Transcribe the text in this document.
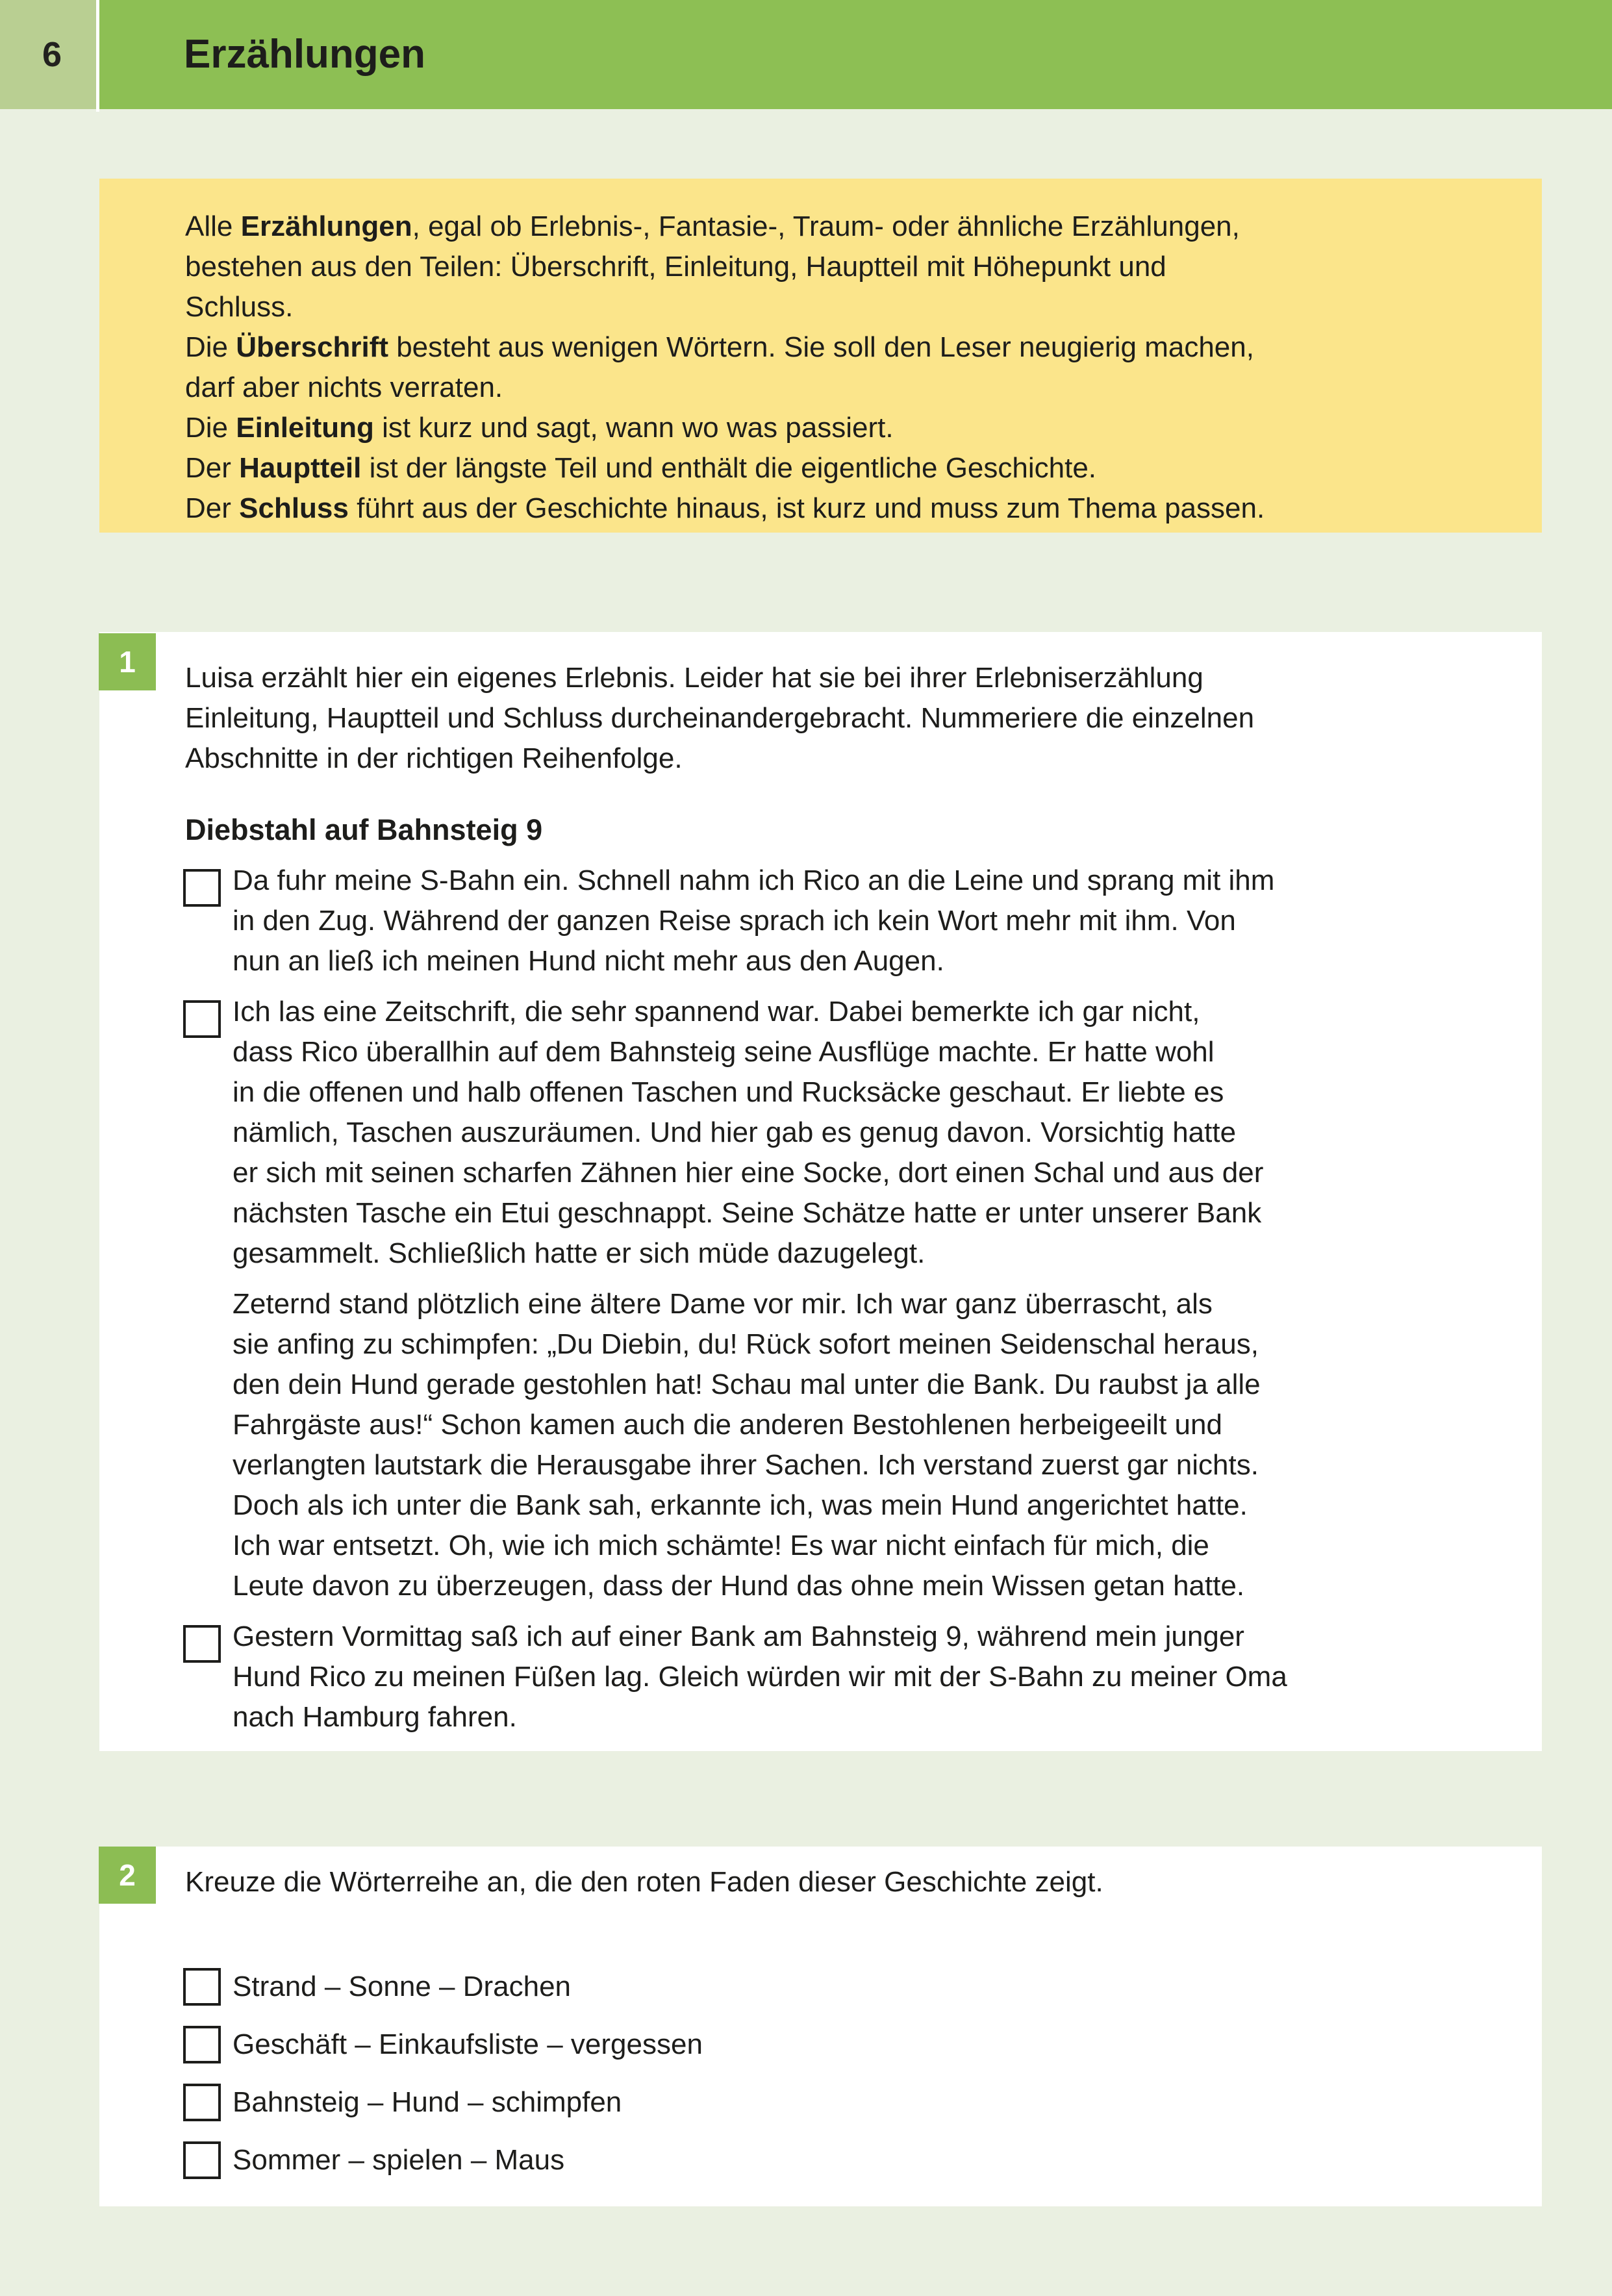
6	Erzählungen
Alle Erzählungen, egal ob Erlebnis-, Fantasie-, Traum- oder ähnliche Erzählungen,
bestehen aus den Teilen: Überschrift, Einleitung, Hauptteil mit Höhepunkt und
Schluss.
Die Überschrift besteht aus wenigen Wörtern. Sie soll den Leser neugierig machen,
darf aber nichts verraten.
Die Einleitung ist kurz und sagt, wann wo was passiert.
Der Hauptteil ist der längste Teil und enthält die eigentliche Geschichte.
Der Schluss führt aus der Geschichte hinaus, ist kurz und muss zum Thema passen.
1 Luisa erzählt hier ein eigenes Erlebnis. Leider hat sie bei ihrer Erlebniserzählung
Einleitung, Hauptteil und Schluss durcheinandergebracht. Nummeriere die einzelnen
Abschnitte in der richtigen Reihenfolge.
Diebstahl auf Bahnsteig 9
Da fuhr meine S-Bahn ein. Schnell nahm ich Rico an die Leine und sprang mit ihm
in den Zug. Während der ganzen Reise sprach ich kein Wort mehr mit ihm. Von
nun an ließ ich meinen Hund nicht mehr aus den Augen.
Ich las eine Zeitschrift, die sehr spannend war. Dabei bemerkte ich gar nicht,
dass Rico überallhin auf dem Bahnsteig seine Ausflüge machte. Er hatte wohl
in die offenen und halb offenen Taschen und Rucksäcke geschaut. Er liebte es
nämlich, Taschen auszuräumen. Und hier gab es genug davon. Vorsichtig hatte
er sich mit seinen scharfen Zähnen hier eine Socke, dort einen Schal und aus der
nächsten Tasche ein Etui geschnappt. Seine Schätze hatte er unter unserer Bank
gesammelt. Schließlich hatte er sich müde dazugelegt.
Zeternd stand plötzlich eine ältere Dame vor mir. Ich war ganz überrascht, als
sie anfing zu schimpfen: „Du Diebin, du! Rück sofort meinen Seidenschal heraus,
den dein Hund gerade gestohlen hat! Schau mal unter die Bank. Du raubst ja alle
Fahrgäste aus!“ Schon kamen auch die anderen Bestohlenen herbeigeeilt und
verlangten lautstark die Herausgabe ihrer Sachen. Ich verstand zuerst gar nichts.
Doch als ich unter die Bank sah, erkannte ich, was mein Hund angerichtet hatte.
Ich war entsetzt. Oh, wie ich mich schämte! Es war nicht einfach für mich, die
Leute davon zu überzeugen, dass der Hund das ohne mein Wissen getan hatte.
Gestern Vormittag saß ich auf einer Bank am Bahnsteig 9, während mein junger
Hund Rico zu meinen Füßen lag. Gleich würden wir mit der S-Bahn zu meiner Oma
nach Hamburg fahren.
2 Kreuze die Wörterreihe an, die den roten Faden dieser Geschichte zeigt.
Strand – Sonne – Drachen
Geschäft – Einkaufsliste – vergessen
Bahnsteig – Hund – schimpfen
Sommer – spielen – Maus
